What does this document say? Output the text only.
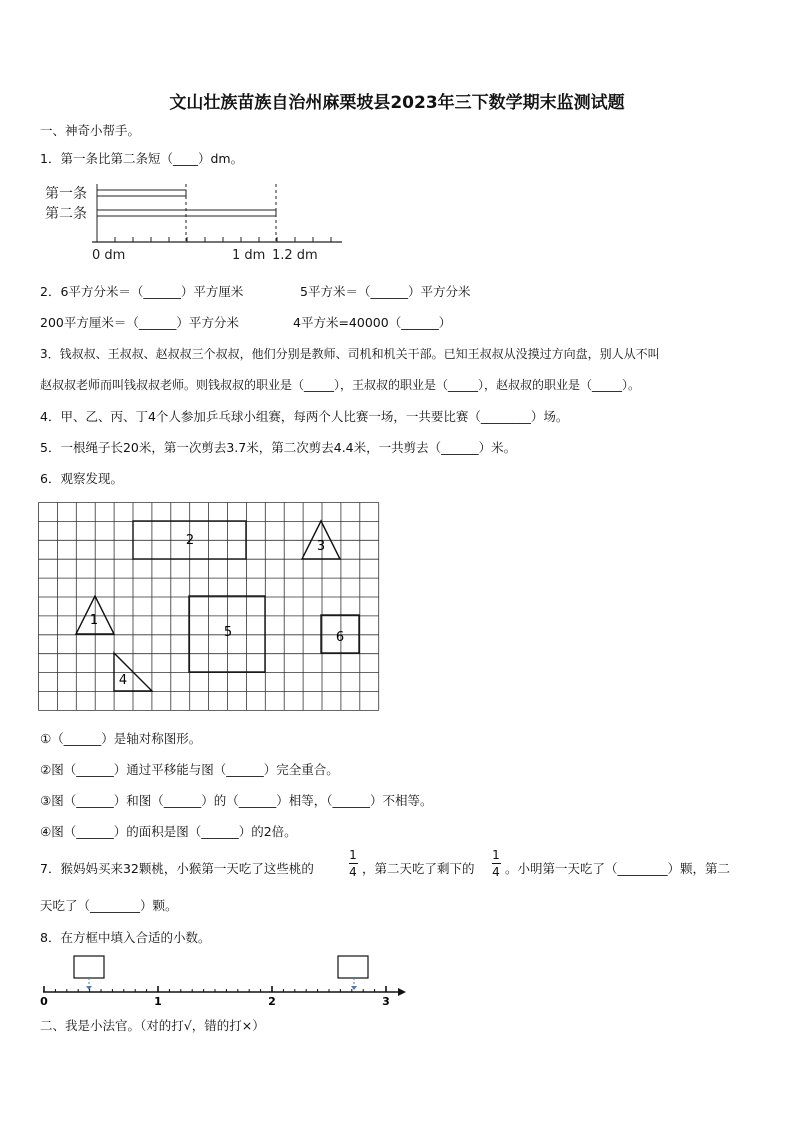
文山壮族苗族自治州麻栗坡县2023年三下数学期末监测试题
一、神奇小帮手。
1．第一条比第二条短（____）dm。
第一条
第二条
0 dm	1 dm 1.2 dm
2．6平方分米＝（______）平方厘米	5平方米＝（______）平方分米
200平方厘米＝（______）平方分米	4平方米=40000（______）
3．钱叔叔、王叔叔、赵叔叔三个叔叔，他们分别是教师、司机和机关干部。已知王叔叔从没摸过方向盘，别人从不叫
赵叔叔老师而叫钱叔叔老师。则钱叔叔的职业是（_____），王叔叔的职业是（_____），赵叔叔的职业是（_____）。
4．甲、乙、丙、丁4个人参加乒乓球小组赛，每两个人比赛一场，一共要比赛（________）场。
5．一根绳子长20米，第一次剪去3.7米，第二次剪去4.4米，一共剪去（______）米。
6．观察发现。
1
2	3
4
5	6
①（______）是轴对称图形。
②图（______）通过平移能与图（______）完全重合。
③图（______）和图（______）的（______）相等，（______）不相等。
④图（______）的面积是图（______）的2倍。
7．猴妈妈买来32颗桃，小猴第一天吃了这些桃的
1
4 ，第二天吃了剩下的
1
4 。小明第一天吃了（________）颗，第二
天吃了（________）颗。
8．在方框中填入合适的小数。
0	1	2	3
二、我是小法官。（对的打√，错的打×）
